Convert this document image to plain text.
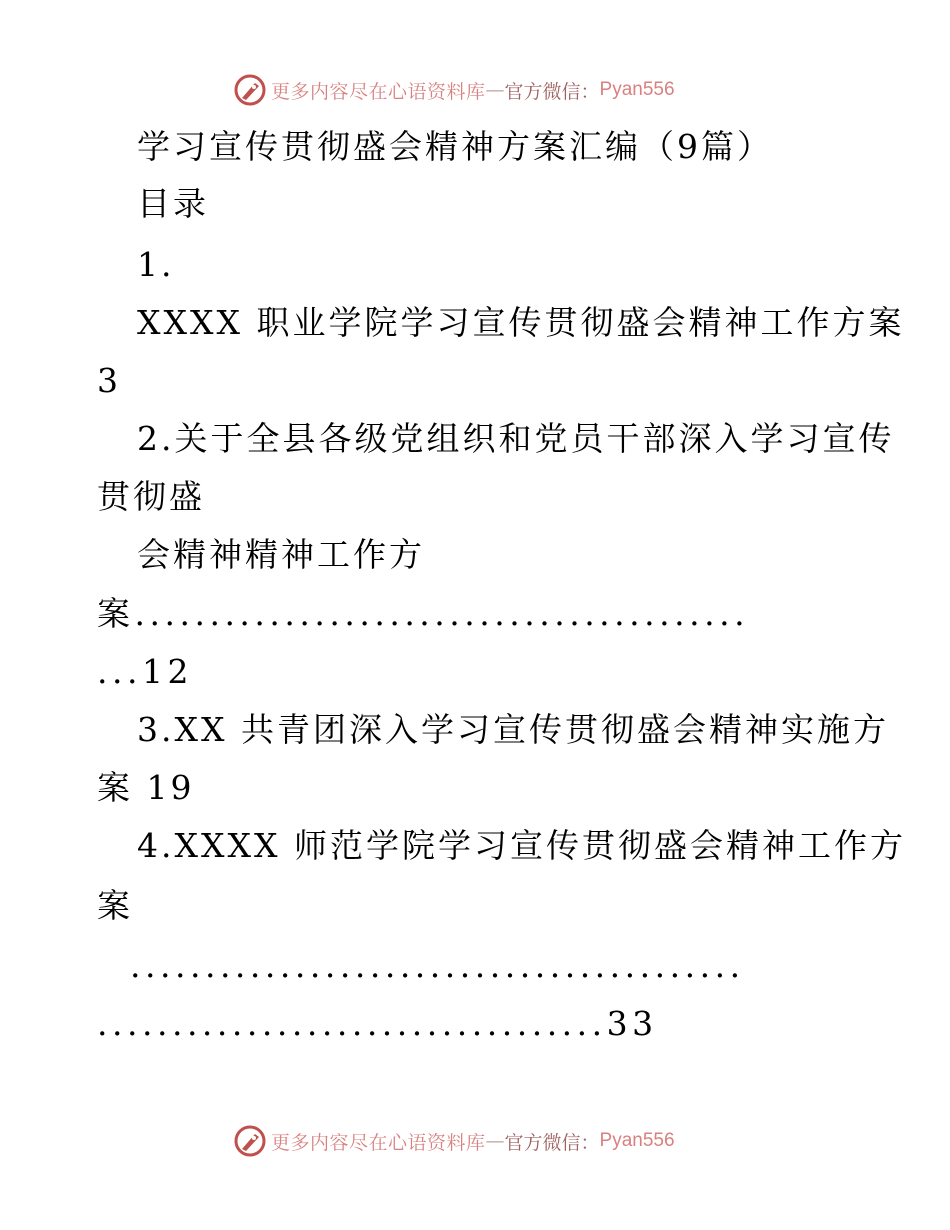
更多内容尽在心语资料库 — 官方微信： Pyan556
学习宣传贯彻盛会精神方案汇编（9篇）
目录
1.
XXXX 职业学院学习宣传贯彻盛会精神工作方案
3
2.关于全县各级党组织和党员干部深入学习宣传
贯彻盛
会精神精神工作方
案.........................................
...12
3.XX 共青团深入学习宣传贯彻盛会精神实施方
案 19
4.XXXX 师范学院学习宣传贯彻盛会精神工作方
案
.........................................
..................................33
更多内容尽在心语资料库 — 官方微信： Pyan556
